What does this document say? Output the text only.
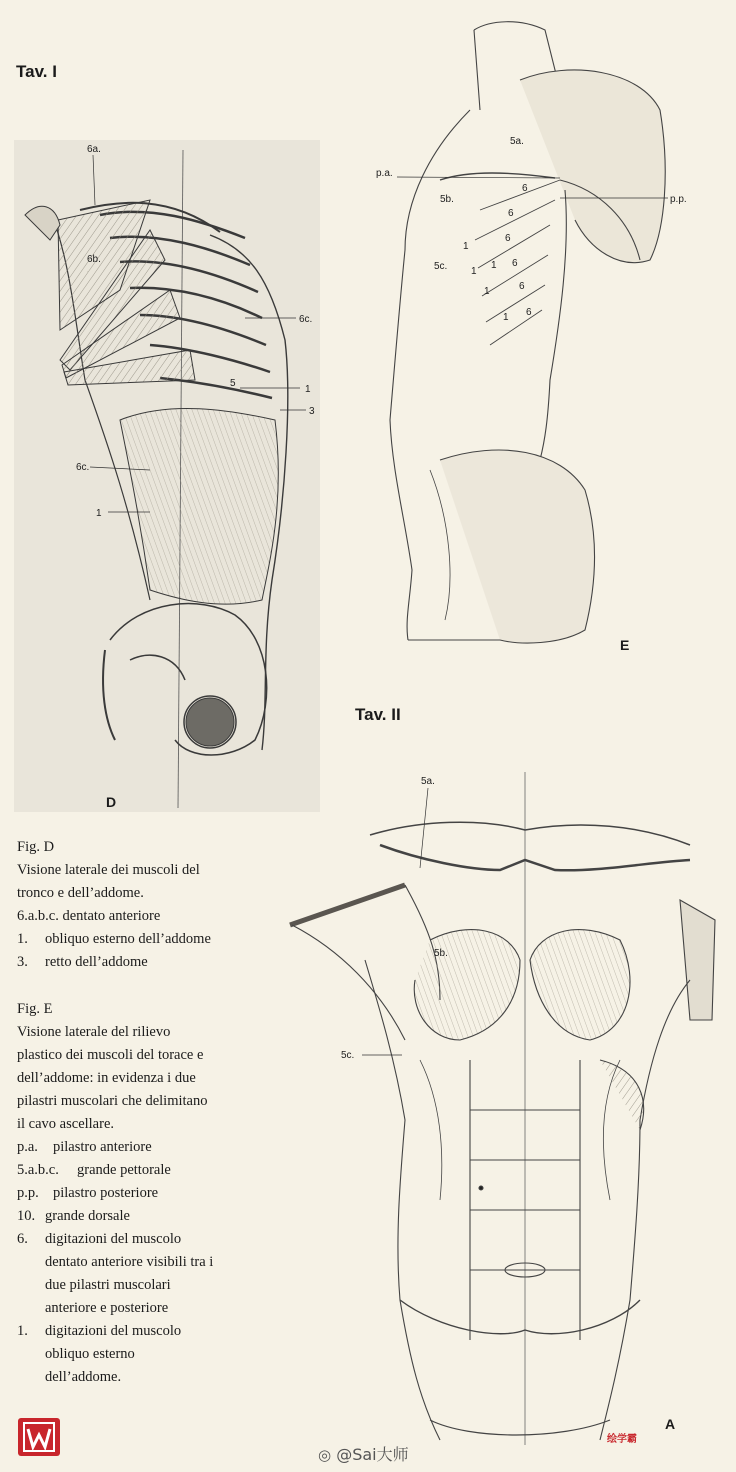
Tav. I
Tav. II
6a.
6b.
6c.
5
1
3
6c.
1
5a.
p.a.
5b.
5c.
p.p.
6
6
6
6
6
6
1
1
1
1
1
5a.
5b.
5c.
D
E
A
Fig. D
Visione laterale dei muscoli del
tronco e dell’addome.
6.a.b.c. dentato anteriore
1.	obliquo esterno dell’addome
3.	retto dell’addome
Fig. E
Visione laterale del rilievo
plastico dei muscoli del torace e
dell’addome: in evidenza i due
pilastri muscolari che delimitano
il cavo ascellare.
p.a.	pilastro anteriore
5.a.b.c.	grande pettorale
p.p. pilastro posteriore
10. grande dorsale
6.	digitazioni del muscolo
dentato anteriore visibili tra i
due pilastri muscolari
anteriore e posteriore
1.	digitazioni del muscolo
obliquo esterno
dell’addome.
◎ @Sai大师
绘学霸
